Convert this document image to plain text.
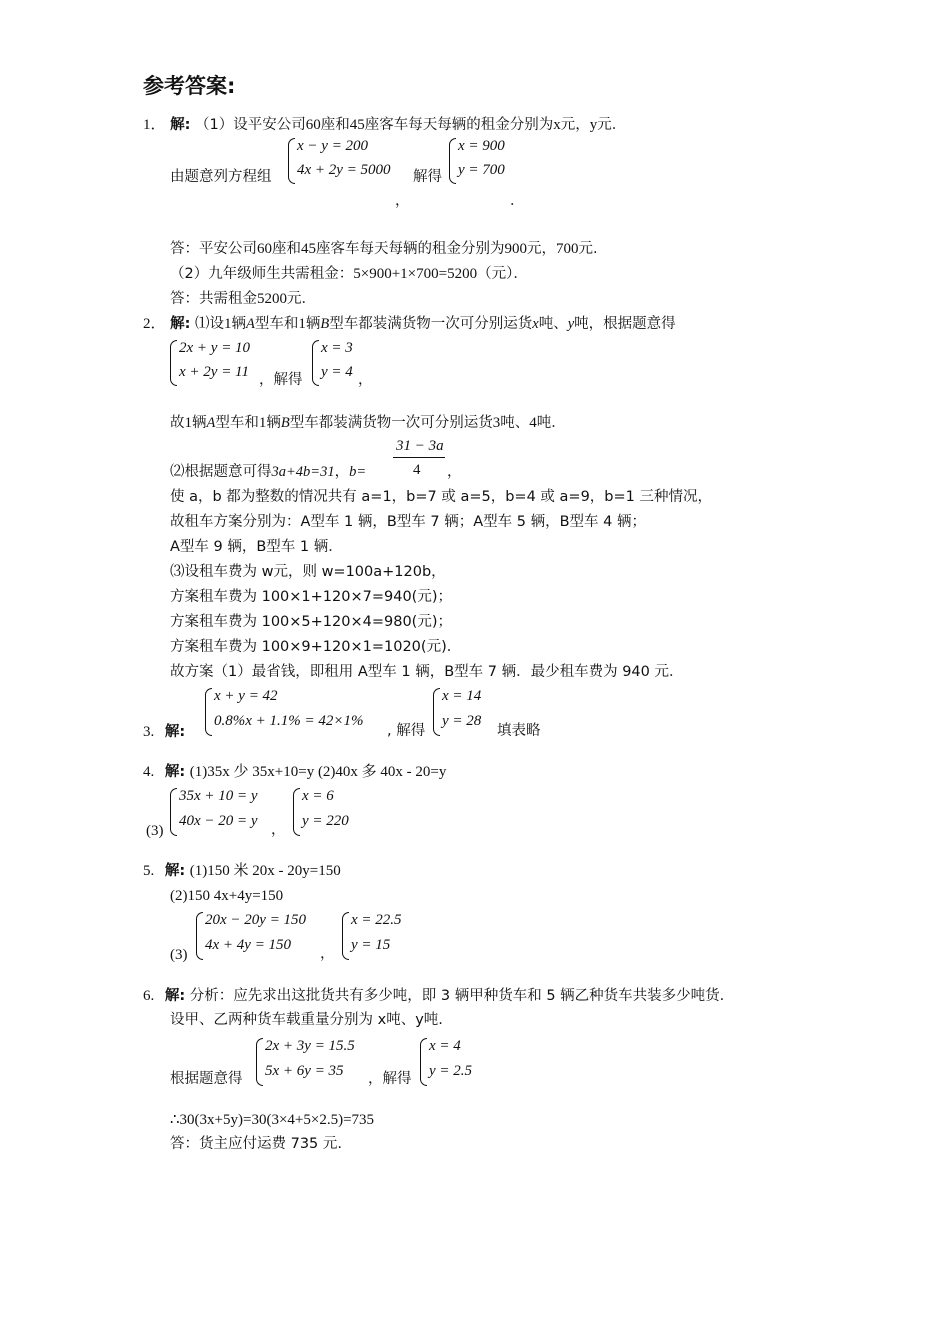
参考答案:
1． 解: （1）设平安公司60座和45座客车每天每辆的租金分别为x元，y元．
由题意列方程组
x − y = 200
4x + 2y = 5000 解得
x = 900
y = 700
，	．
答：平安公司60座和45座客车每天每辆的租金分别为900元，700元.
（2）九年级师生共需租金：5×900+1×700=5200（元）．
答：共需租金5200元．
2． 解: ⑴设1辆A型车和1辆B型车都装满货物一次可分别运货x吨、y吨，根据题意得
2x + y = 10
x + 2y = 11 ，解得
x = 3
y = 4 ，
故1辆A型车和1辆B型车都装满货物一次可分别运货3吨、4吨．
31 − 3a
4
⑵根据题意可得3a+4b=31，b=	，
使 a，b 都为整数的情况共有 a=1，b=7 或 a=5，b=4 或 a=9，b=1 三种情况，
故租车方案分别为：A型车 1 辆，B型车 7 辆；A型车 5 辆，B型车 4 辆；
A型车 9 辆，B型车 1 辆．
⑶设租车费为 w元，则 w=100a+120b，
方案租车费为 100×1+120×7=940(元)；
方案租车费为 100×5+120×4=980(元)；
方案租车费为 100×9+120×1=1020(元)．
故方案（1）最省钱，即租用 A型车 1 辆，B型车 7 辆．最少租车费为 940 元．
x + y = 42
0.8%x + 1.1% = 42×1%
3. 解:	, 解得
x = 14
y = 28
填表略
4. 解: (1)35x 少 35x+10=y (2)40x 多 40x - 20=y
(3)
35x + 10 = y
40x − 20 = y
，
x = 6
y = 220
5. 解: (1)150 米 20x - 20y=150
(2)150 4x+4y=150
(3)
20x − 20y = 150
4x + 4y = 150
，
x = 22.5
y = 15
6. 解: 分析：应先求出这批货共有多少吨，即 3 辆甲种货车和 5 辆乙种货车共装多少吨货.
设甲、乙两种货车载重量分别为 x吨、y吨.
根据题意得
2x + 3y = 15.5
5x + 6y = 35 ，解得
x = 4
y = 2.5
∴30(3x+5y)=30(3×4+5×2.5)=735
答：货主应付运费 735 元.
